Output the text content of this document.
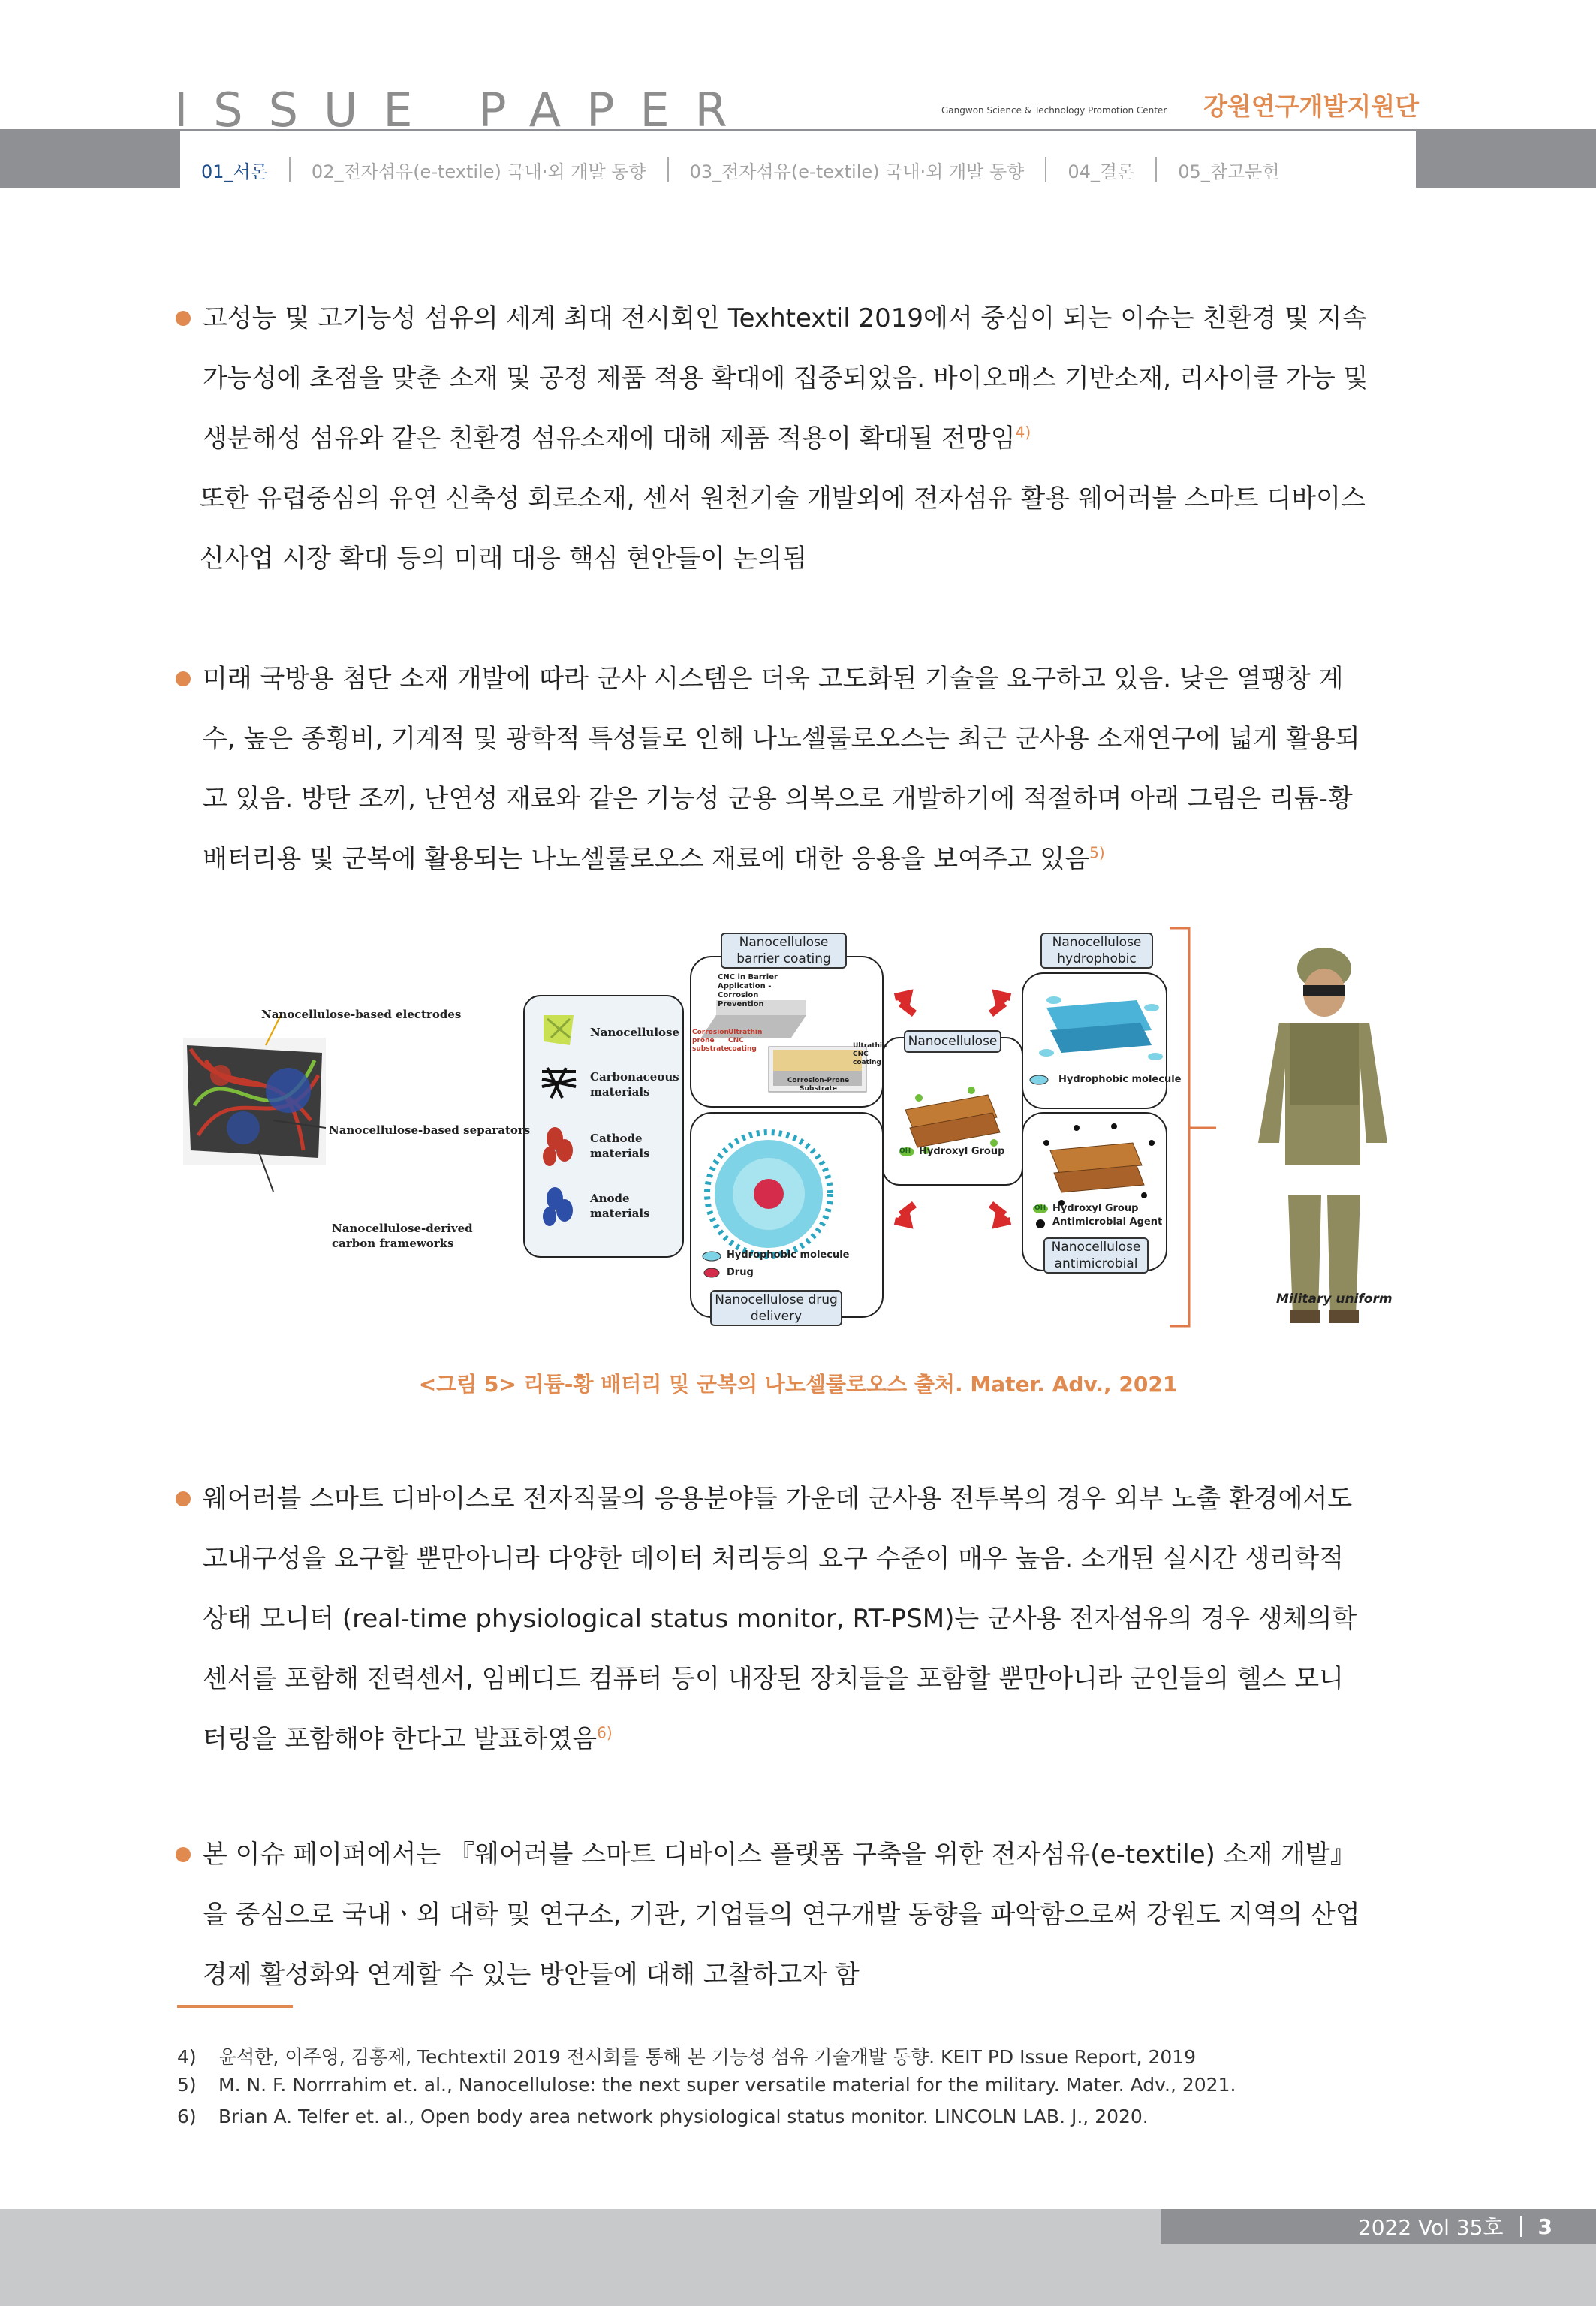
ISSUE PAPER	Gangwon Science & Technology Promotion Center 강원연구개발지원단
01_서론	02_전자섬유(e-textile) 국내·외 개발 동향	03_전자섬유(e-textile) 국내·외 개발 동향	04_결론	05_참고문헌
고성능 및 고기능성 섬유의 세계 최대 전시회인 Texhtextil 2019에서 중심이 되는 이슈는 친환경 및 지속
가능성에 초점을 맞춘 소재 및 공정 제품 적용 확대에 집중되었음. 바이오매스 기반소재, 리사이클 가능 및
생분해성 섬유와 같은 친환경 섬유소재에 대해 제품 적용이 확대될 전망임$^{4)}$
또한 유럽중심의 유연 신축성 회로소재, 센서 원천기술 개발외에 전자섬유 활용 웨어러블 스마트 디바이스
신사업 시장 확대 등의 미래 대응 핵심 현안들이 논의됨
미래 국방용 첨단 소재 개발에 따라 군사 시스템은 더욱 고도화된 기술을 요구하고 있음. 낮은 열팽창 계
수, 높은 종횡비, 기계적 및 광학적 특성들로 인해 나노셀룰로오스는 최근 군사용 소재연구에 넓게 활용되
고 있음. 방탄 조끼, 난연성 재료와 같은 기능성 군용 의복으로 개발하기에 적절하며 아래 그림은 리튬-황
배터리용 및 군복에 활용되는 나노셀룰로오스 재료에 대한 응용을 보여주고 있음$^{5)}$
Nanocellulose-based electrodes
Nanocellulose-based separators
Nanocellulose-derived carbon frameworks
Nanocellulose
Carbonaceous materials
Cathode materials
Anode materials
Nanocellulose barrier coating
Nanocellulose
Nanocellulose hydrophobic
Nanocellulose drug delivery
Nanocellulose antimicrobial
CNC in Barrier Application - Corrosion Prevention
Corrosion prone substrate
Ultrathin CNC coating	Ultrathin CNC coating
Corrosion-Prone Substrate
OH Hydroxyl Group
Hydrophobic molecule
Hydrophobic molecule
Drug
OH Hydroxyl Group
Antimicrobial Agent
Military uniform
<그림 5> 리튬-황 배터리 및 군복의 나노셀룰로오스 출처. Mater. Adv., 2021
웨어러블 스마트 디바이스로 전자직물의 응용분야들 가운데 군사용 전투복의 경우 외부 노출 환경에서도
고내구성을 요구할 뿐만아니라 다양한 데이터 처리등의 요구 수준이 매우 높음. 소개된 실시간 생리학적
상태 모니터 (real-time physiological status monitor, RT-PSM)는 군사용 전자섬유의 경우 생체의학
센서를 포함해 전력센서, 임베디드 컴퓨터 등이 내장된 장치들을 포함할 뿐만아니라 군인들의 헬스 모니
터링을 포함해야 한다고 발표하였음$^{6)}$
본 이슈 페이퍼에서는 『웨어러블 스마트 디바이스 플랫폼 구축을 위한 전자섬유(e-textile) 소재 개발』
을 중심으로 국내ㆍ외 대학 및 연구소, 기관, 기업들의 연구개발 동향을 파악함으로써 강원도 지역의 산업
경제 활성화와 연계할 수 있는 방안들에 대해 고찰하고자 함
4) 윤석한, 이주영, 김홍제, Techtextil 2019 전시회를 통해 본 기능성 섬유 기술개발 동향. KEIT PD Issue Report, 2019
5) M. N. F. Norrrahim et. al., Nanocellulose: the next super versatile material for the military. Mater. Adv., 2021.
6) Brian A. Telfer et. al., Open body area network physiological status monitor. LINCOLN LAB. J., 2020.
2022 Vol 35호 3
